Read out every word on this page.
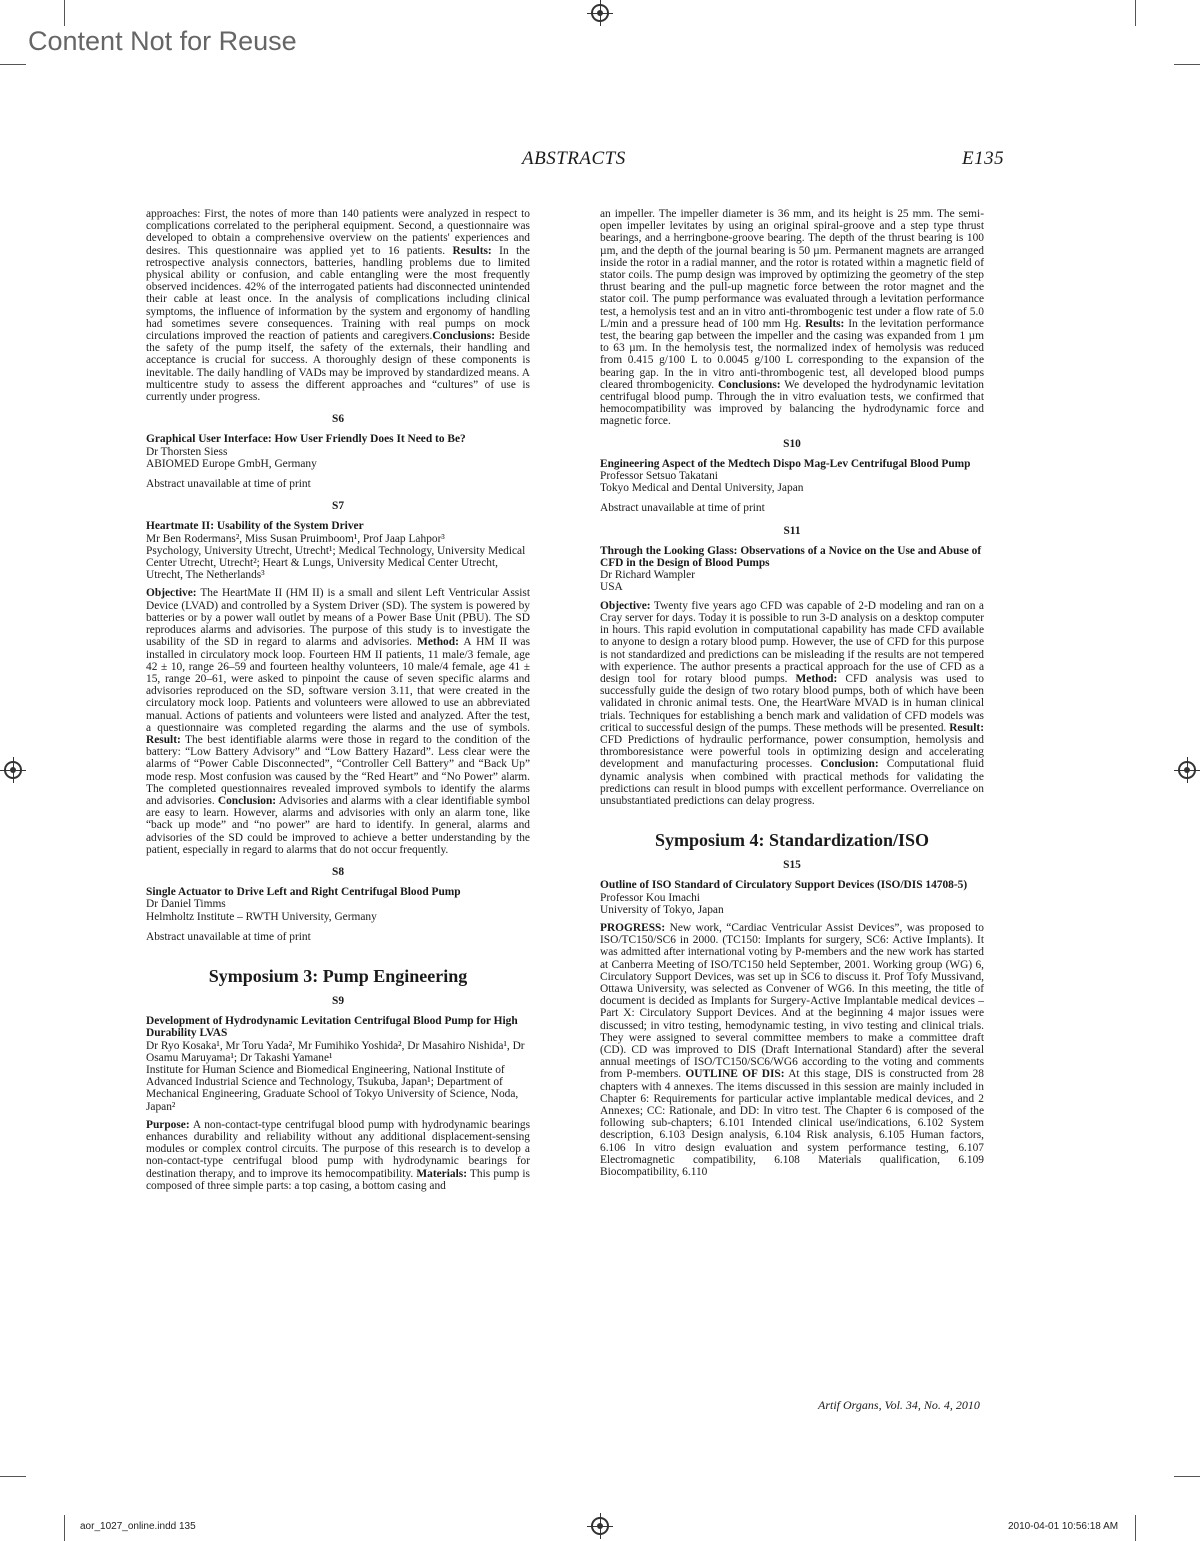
Content Not for Reuse
ABSTRACTS	E135

approaches: First, the notes of more than 140 patients were analyzed in respect to complications correlated to the peripheral equipment. Second, a questionnaire was developed to obtain a comprehensive overview on the patients' experiences and desires. This questionnaire was applied yet to 16 patients.

Results: In the retrospective analysis connectors, batteries, handling problems due to limited physical ability or confusion, and cable entangling were the most frequently observed incidences. 42% of the interrogated patients had disconnected unintended their cable at least once. In the analysis of complications including clinical symptoms, the influence of information by the system and ergonomy of handling had sometimes severe consequences. Training with real pumps on mock circulations improved the reaction of patients and caregivers.

Conclusions: Beside the safety of the pump itself, the safety of the externals, their handling and acceptance is crucial for success. A thoroughly design of these components is inevitable. The daily handling of VADs may be improved by standardized means. A multicentre study to assess the different approaches and “cultures” of use is currently under progress.

S6

Graphical User Interface: How User Friendly Does It Need to Be?

Dr Thorsten Siess

ABIOMED Europe GmbH, Germany

Abstract unavailable at time of print

S7

Heartmate II: Usability of the System Driver

Mr Ben Rodermans², Miss Susan Pruimboom¹, Prof Jaap Lahpor³

Psychology, University Utrecht, Utrecht¹; Medical Technology, University Medical Center Utrecht, Utrecht²; Heart & Lungs, University Medical Center Utrecht, Utrecht, The Netherlands³

Objective: The HeartMate II (HM II) is a small and silent Left Ventricular Assist Device (LVAD) and controlled by a System Driver (SD). The system is powered by batteries or by a power wall outlet by means of a Power Base Unit (PBU). The SD reproduces alarms and advisories. The purpose of this study is to investigate the usability of the SD in regard to alarms and advisories.

Method: A HM II was installed in circulatory mock loop. Fourteen HM II patients, 11 male/3 female, age 42 ± 10, range 26–59 and fourteen healthy volunteers, 10 male/4 female, age 41 ± 15, range 20–61, were asked to pinpoint the cause of seven specific alarms and advisories reproduced on the SD, software version 3.11, that were created in the circulatory mock loop. Patients and volunteers were allowed to use an abbreviated manual. Actions of patients and volunteers were listed and analyzed. After the test, a questionnaire was completed regarding the alarms and the use of symbols.

Result: The best identifiable alarms were those in regard to the condition of the battery: “Low Battery Advisory” and “Low Battery Hazard”. Less clear were the alarms of “Power Cable Disconnected”, “Controller Cell Battery” and “Back Up” mode resp. Most confusion was caused by the “Red Heart” and “No Power” alarm. The completed questionnaires revealed improved symbols to identify the alarms and advisories.

Conclusion: Advisories and alarms with a clear identifiable symbol are easy to learn. However, alarms and advisories with only an alarm tone, like “back up mode” and “no power” are hard to identify. In general, alarms and advisories of the SD could be improved to achieve a better understanding by the patient, especially in regard to alarms that do not occur frequently.

S8

Single Actuator to Drive Left and Right Centrifugal Blood Pump

Dr Daniel Timms

Helmholtz Institute – RWTH University, Germany

Abstract unavailable at time of print

Symposium 3: Pump Engineering

S9

Development of Hydrodynamic Levitation Centrifugal Blood Pump for High Durability LVAS

Dr Ryo Kosaka¹, Mr Toru Yada², Mr Fumihiko Yoshida², Dr Masahiro Nishida¹, Dr Osamu Maruyama¹; Dr Takashi Yamane¹

Institute for Human Science and Biomedical Engineering, National Institute of Advanced Industrial Science and Technology, Tsukuba, Japan¹; Department of Mechanical Engineering, Graduate School of Tokyo University of Science, Noda, Japan²

Purpose: A non-contact-type centrifugal blood pump with hydrodynamic bearings enhances durability and reliability without any additional displacement-sensing modules or complex control circuits. The purpose of this research is to develop a non-contact-type centrifugal blood pump with hydrodynamic bearings for destination therapy, and to improve its hemocompatibility.

Materials: This pump is composed of three simple parts: a top casing, a bottom casing and

an impeller. The impeller diameter is 36 mm, and its height is 25 mm. The semi-open impeller levitates by using an original spiral-groove and a step type thrust bearings, and a herringbone-groove bearing. The depth of the thrust bearing is 100 µm, and the depth of the journal bearing is 50 µm. Permanent magnets are arranged inside the rotor in a radial manner, and the rotor is rotated within a magnetic field of stator coils. The pump design was improved by optimizing the geometry of the step thrust bearing and the pull-up magnetic force between the rotor magnet and the stator coil. The pump performance was evaluated through a levitation performance test, a hemolysis test and an in vitro anti-thrombogenic test under a flow rate of 5.0 L/min and a pressure head of 100 mm Hg.

Results: In the levitation performance test, the bearing gap between the impeller and the casing was expanded from 1 µm to 63 µm. In the hemolysis test, the normalized index of hemolysis was reduced from 0.415 g/100 L to 0.0045 g/100 L corresponding to the expansion of the bearing gap. In the in vitro anti-thrombogenic test, all developed blood pumps cleared thrombogenicity.

Conclusions: We developed the hydrodynamic levitation centrifugal blood pump. Through the in vitro evaluation tests, we confirmed that hemocompatibility was improved by balancing the hydrodynamic force and magnetic force.

S10

Engineering Aspect of the Medtech Dispo Mag-Lev Centrifugal Blood Pump

Professor Setsuo Takatani

Tokyo Medical and Dental University, Japan

Abstract unavailable at time of print

S11

Through the Looking Glass: Observations of a Novice on the Use and Abuse of CFD in the Design of Blood Pumps

Dr Richard Wampler

USA

Objective: Twenty five years ago CFD was capable of 2-D modeling and ran on a Cray server for days. Today it is possible to run 3-D analysis on a desktop computer in hours. This rapid evolution in computational capability has made CFD available to anyone to design a rotary blood pump. However, the use of CFD for this purpose is not standardized and predictions can be misleading if the results are not tempered with experience. The author presents a practical approach for the use of CFD as a design tool for rotary blood pumps.

Method: CFD analysis was used to successfully guide the design of two rotary blood pumps, both of which have been validated in chronic animal tests. One, the HeartWare MVAD is in human clinical trials. Techniques for establishing a bench mark and validation of CFD models was critical to successful design of the pumps. These methods will be presented.

Result: CFD Predictions of hydraulic performance, power consumption, hemolysis and thromboresistance were powerful tools in optimizing design and accelerating development and manufacturing processes.

Conclusion: Computational fluid dynamic analysis when combined with practical methods for validating the predictions can result in blood pumps with excellent performance. Overreliance on unsubstantiated predictions can delay progress.

Symposium 4: Standardization/ISO

S15

Outline of ISO Standard of Circulatory Support Devices (ISO/DIS 14708-5)

Professor Kou Imachi

University of Tokyo, Japan

PROGRESS: New work, “Cardiac Ventricular Assist Devices”, was proposed to ISO/TC150/SC6 in 2000. (TC150: Implants for surgery, SC6: Active Implants). It was admitted after international voting by P-members and the new work has started at Canberra Meeting of ISO/TC150 held September, 2001. Working group (WG) 6, Circulatory Support Devices, was set up in SC6 to discuss it. Prof Tofy Mussivand, Ottawa University, was selected as Convener of WG6. In this meeting, the title of document is decided as Implants for Surgery-Active Implantable medical devices – Part X: Circulatory Support Devices. And at the beginning 4 major issues were discussed; in vitro testing, hemodynamic testing, in vivo testing and clinical trials. They were assigned to several committee members to make a committee draft (CD). CD was improved to DIS (Draft International Standard) after the several annual meetings of ISO/TC150/SC6/WG6 according to the voting and comments from P-members.

OUTLINE OF DIS: At this stage, DIS is constructed from 28 chapters with 4 annexes. The items discussed in this session are mainly included in Chapter 6: Requirements for particular active implantable medical devices, and 2 Annexes; CC: Rationale, and DD: In vitro test. The Chapter 6 is composed of the following sub-chapters; 6.101 Intended clinical use/indications, 6.102 System description, 6.103 Design analysis, 6.104 Risk analysis, 6.105 Human factors, 6.106 In vitro design evaluation and system performance testing, 6.107 Electromagnetic compatibility, 6.108 Materials qualification, 6.109 Biocompatibility, 6.110

Artif Organs, Vol. 34, No. 4, 2010
aor_1027_online.indd 135	2010-04-01 10:56:18 AM
